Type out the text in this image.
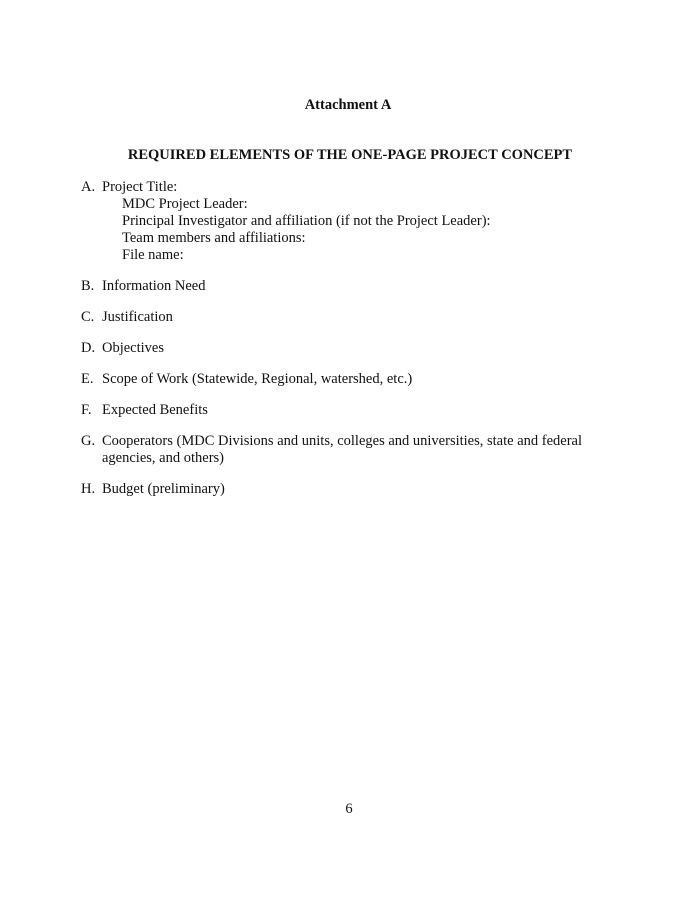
Attachment A
REQUIRED ELEMENTS OF THE ONE-PAGE PROJECT CONCEPT
A. Project Title:
MDC Project Leader:
Principal Investigator and affiliation (if not the Project Leader):
Team members and affiliations:
File name:
B. Information Need
C. Justification
D. Objectives
E. Scope of Work (Statewide, Regional, watershed, etc.)
F. Expected Benefits
G. Cooperators (MDC Divisions and units, colleges and universities, state and federal agencies, and others)
H. Budget (preliminary)
6
